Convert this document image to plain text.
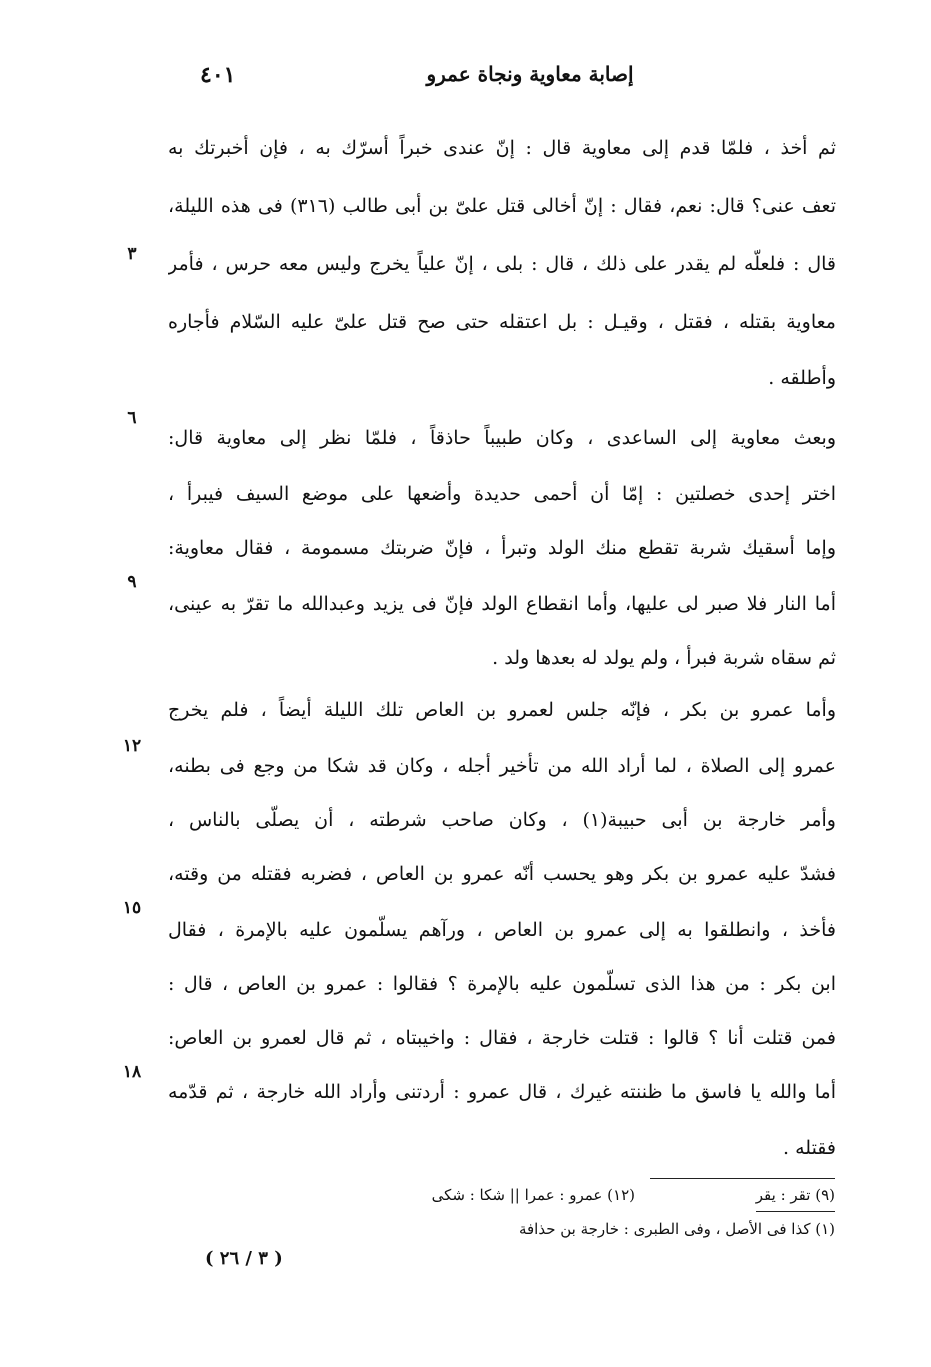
٤٠١	إصابة معاوية ونجاة عمرو
ثم أخذ ، فلمّا قدم إلى معاوية قال : إنّ عندى خبراً أسرّك به ، فإن أخبرتك به
تعف عنى؟ قال: نعم، فقال : إنّ أخالى قتل علىّ بن أبى طالب (٣١٦) فى هذه الليلة،
قال : فلعلّه لم يقدر على ذلك ، قال : بلى ، إنّ علياً يخرج وليس معه حرس ، فأمر
معاوية بقتله ، فقتل ، وقيـل : بل اعتقله حتى صح قتل علىّ عليه السّلام فأجاره
وأطلقه .
وبعث معاوية إلى الساعدى ، وكان طبيباً حاذقاً ، فلمّا نظر إلى معاوية قال:
اختر إحدى خصلتين : إمّا أن أحمى حديدة وأضعها على موضع السيف فيبرأ ،
وإما أسقيك شربة تقطع منك الولد وتبرأ ، فإنّ ضربتك مسمومة ، فقال معاوية:
أما النار فلا صبر لى عليها، وأما انقطاع الولد فإنّ فى يزيد وعبدالله ما تقرّ به عينى،
ثم سقاه شربة فبرأ ، ولم يولد له بعدها ولد .
وأما عمرو بن بكر ، فإنّه جلس لعمرو بن العاص تلك الليلة أيضاً ، فلم يخرج
عمرو إلى الصلاة ، لما أراد الله من تأخير أجله ، وكان قد شكا من وجع فى بطنه،
وأمر خارجة بن أبى حبيبة(١) ، وكان صاحب شرطته ، أن يصلّى بالناس ،
فشدّ عليه عمرو بن بكر وهو يحسب أنّه عمرو بن العاص ، فضربه فقتله من وقته،
فأخذ ، وانطلقوا به إلى عمرو بن العاص ، ورآهم يسلّمون عليه بالإمرة ، فقال
ابن بكر : من هذا الذى تسلّمون عليه بالإمرة ؟ فقالوا : عمرو بن العاص ، قال :
فمن قتلت أنا ؟ قالوا : قتلت خارجة ، فقال : واخيبتاه ، ثم قال لعمرو بن العاص:
أما والله يا فاسق ما ظننته غيرك ، قال عمرو : أردتنى وأراد الله خارجة ، ثم قدّمه
فقتله .
٣
٦
٩
١٢
١٥
١٨
(٩) تقر : يقر
(١٢) عمرو : عمرا || شكا : شكى
(١) كذا فى الأصل ، وفى الطبرى : خارجة بن حذافة
( ٣ / ٢٦ )
